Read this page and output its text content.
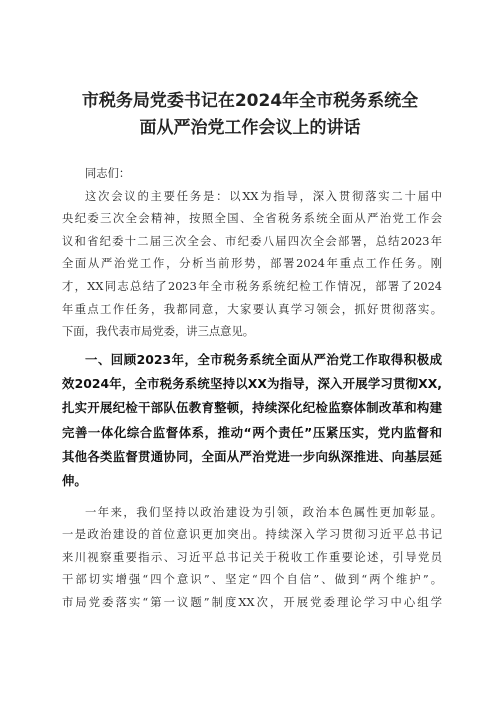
市税务局党委书记在2024年全市税务系统全
面从严治党工作会议上的讲话
同志们：
这次会议的主要任务是：以XX为指导，深入贯彻落实二十届中
央纪委三次全会精神，按照全国、全省税务系统全面从严治党工作会
议和省纪委十二届三次全会、市纪委八届四次全会部署，总结2023年
全面从严治党工作，分析当前形势，部署2024年重点工作任务。刚
才，XX同志总结了2023年全市税务系统纪检工作情况，部署了2024
年重点工作任务，我都同意，大家要认真学习领会，抓好贯彻落实。
下面，我代表市局党委，讲三点意见。
一、回顾2023年，全市税务系统全面从严治党工作取得积极成
效2024年，全市税务系统坚持以XX为指导，深入开展学习贯彻XX,
扎实开展纪检干部队伍教育整顿，持续深化纪检监察体制改革和构建
完善一体化综合监督体系，推动“两个责任”压紧压实，党内监督和
其他各类监督贯通协同，全面从严治党进一步向纵深推进、向基层延
伸。
一年来，我们坚持以政治建设为引领，政治本色属性更加彰显。
一是政治建设的首位意识更加突出。持续深入学习贯彻习近平总书记
来川视察重要指示、习近平总书记关于税收工作重要论述，引导党员
干部切实增强“四个意识”、坚定“四个自信”、做到“两个维护”。
市局党委落实“第一议题”制度XX次，开展党委理论学习中心组学
